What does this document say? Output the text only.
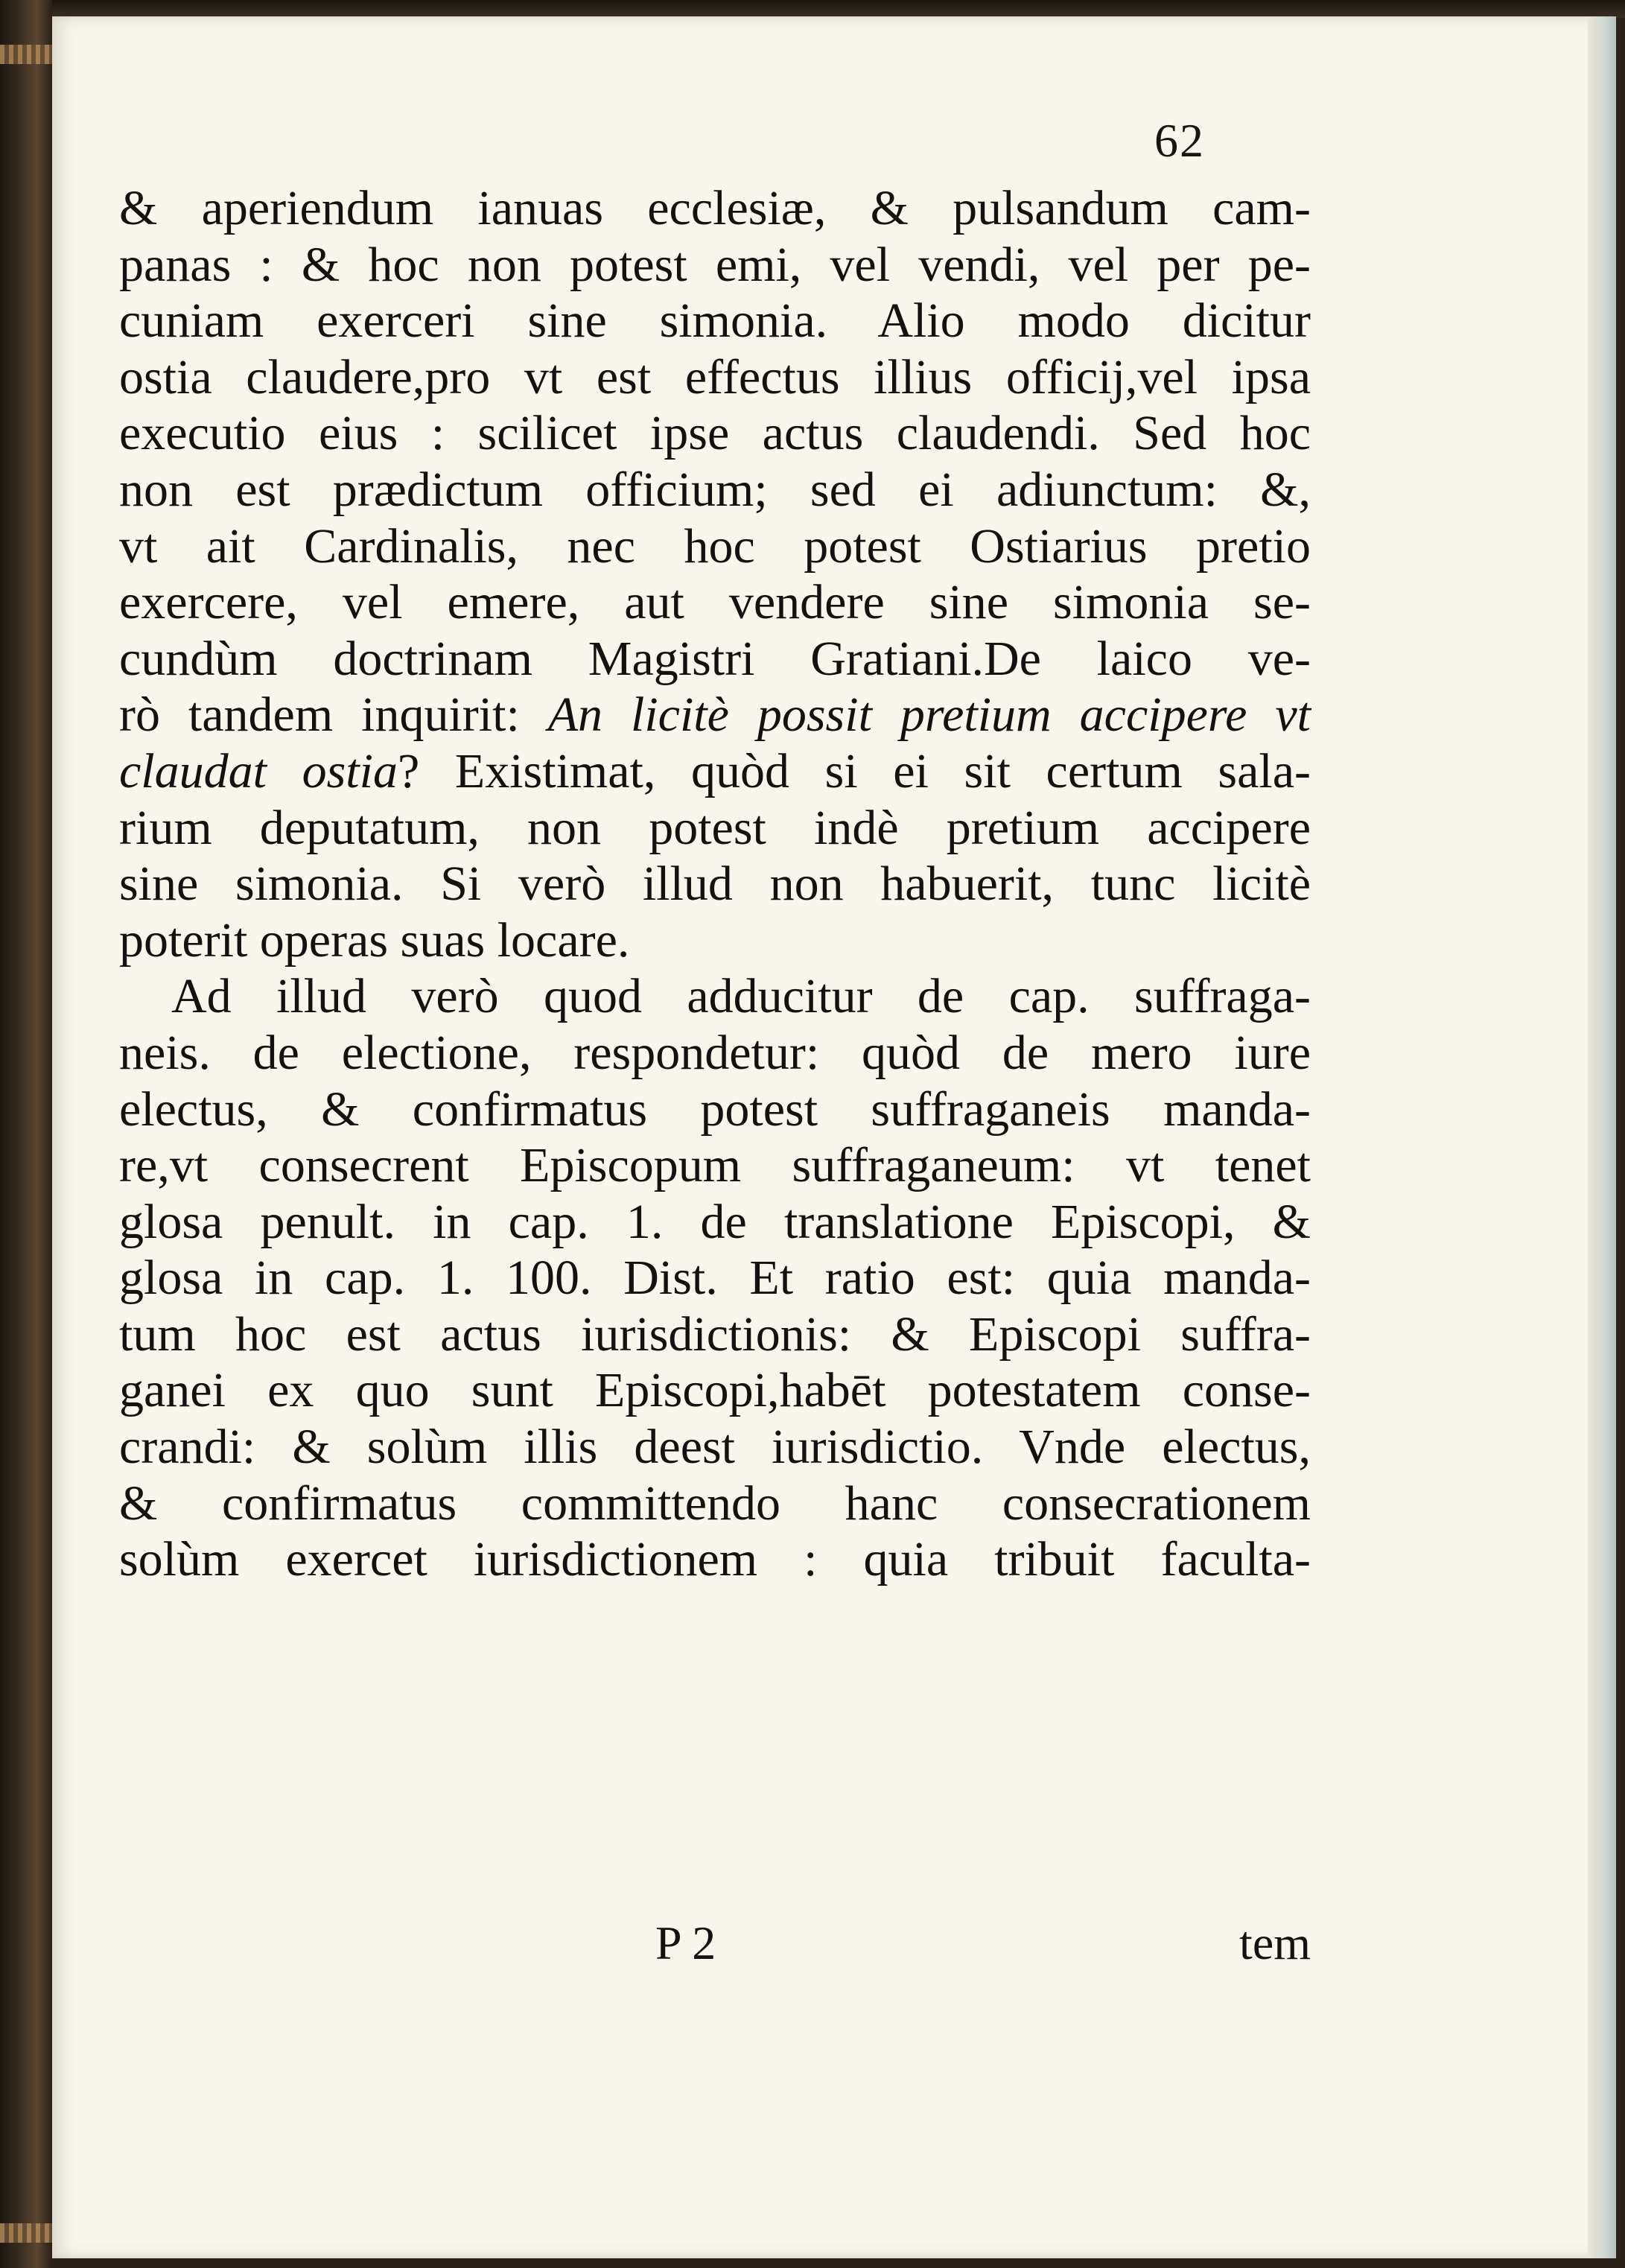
62
& aperiendum ianuas ecclesiæ, & pulsandum cam-
panas : & hoc non potest emi, vel vendi, vel per pe-
cuniam exerceri sine simonia. Alio modo dicitur
ostia claudere,pro vt est effectus illius officij,vel ipsa
executio eius : scilicet ipse actus claudendi. Sed hoc
non est prædictum officium; sed ei adiunctum: &,
vt ait Cardinalis, nec hoc potest Ostiarius pretio
exercere, vel emere, aut vendere sine simonia se-
cundùm doctrinam Magistri Gratiani.De laico ve-
rò tandem inquirit: An licitè possit pretium accipere vt
claudat ostia? Existimat, quòd si ei sit certum sala-
rium deputatum, non potest indè pretium accipere
sine simonia. Si verò illud non habuerit, tunc licitè
poterit operas suas locare.
Ad illud verò quod adducitur de cap. suffraga-
neis. de electione, respondetur: quòd de mero iure
electus, & confirmatus potest suffraganeis manda-
re,vt consecrent Episcopum suffraganeum: vt tenet
glosa penult. in cap. 1. de translatione Episcopi, &
glosa in cap. 1. 100. Dist. Et ratio est: quia manda-
tum hoc est actus iurisdictionis: & Episcopi suffra-
ganei ex quo sunt Episcopi,habēt potestatem conse-
crandi: & solùm illis deest iurisdictio. Vnde electus,
& confirmatus committendo hanc consecrationem
solùm exercet iurisdictionem : quia tribuit faculta-
P 2	tem
